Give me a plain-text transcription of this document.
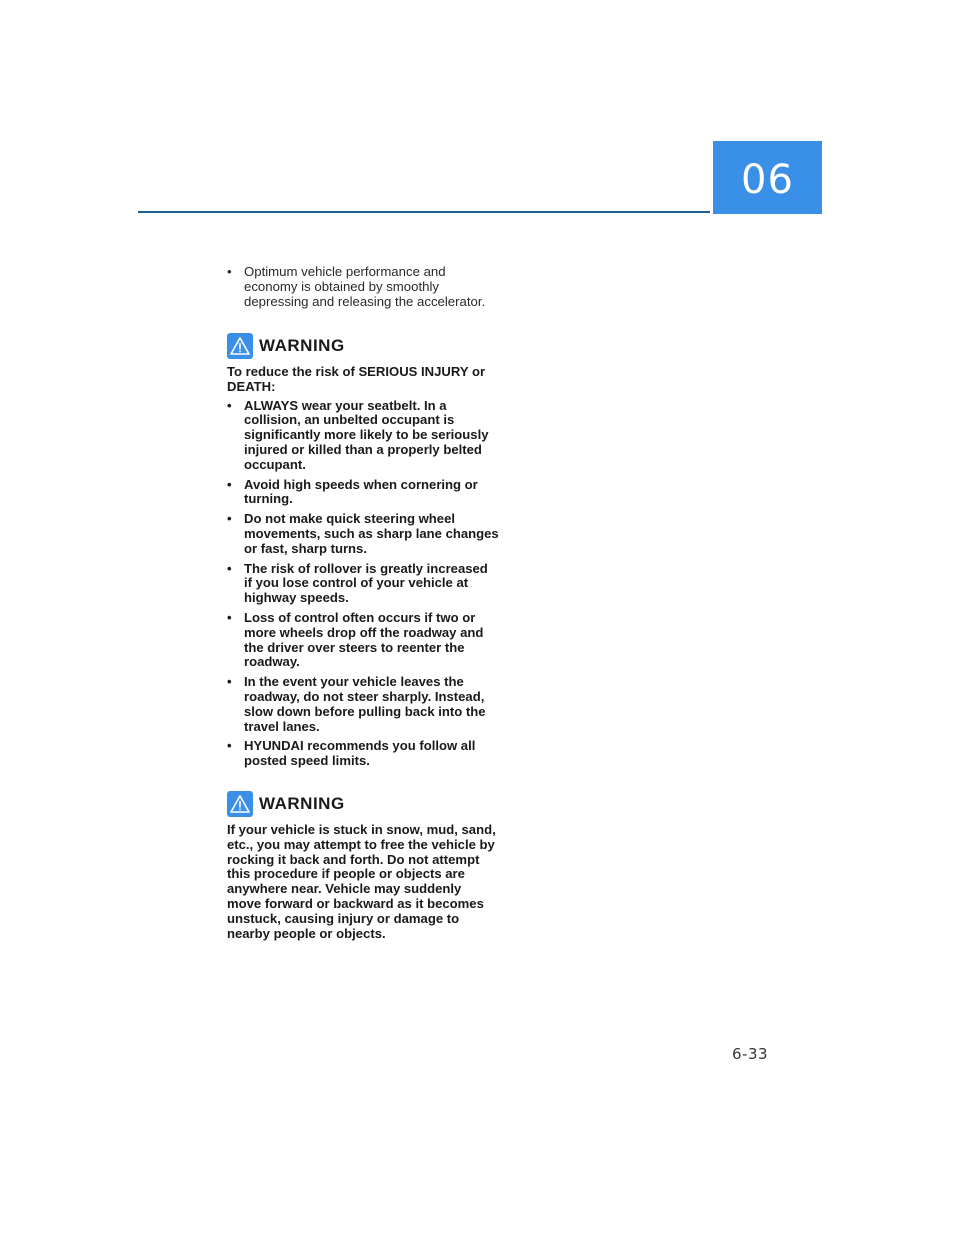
06
• Optimum vehicle performance and economy is obtained by smoothly depressing and releasing the accelerator.
WARNING

To reduce the risk of SERIOUS INJURY or DEATH:

• ALWAYS wear your seatbelt. In a collision, an unbelted occupant is significantly more likely to be seriously injured or killed than a properly belted occupant.
• Avoid high speeds when cornering or turning.
• Do not make quick steering wheel movements, such as sharp lane changes or fast, sharp turns.
• The risk of rollover is greatly increased if you lose control of your vehicle at highway speeds.
• Loss of control often occurs if two or more wheels drop off the roadway and the driver over steers to reenter the roadway.
• In the event your vehicle leaves the roadway, do not steer sharply. Instead, slow down before pulling back into the travel lanes.
• HYUNDAI recommends you follow all posted speed limits.
WARNING

If your vehicle is stuck in snow, mud, sand, etc., you may attempt to free the vehicle by rocking it back and forth. Do not attempt this procedure if people or objects are anywhere near. Vehicle may suddenly move forward or backward as it becomes unstuck, causing injury or damage to nearby people or objects.

6-33
